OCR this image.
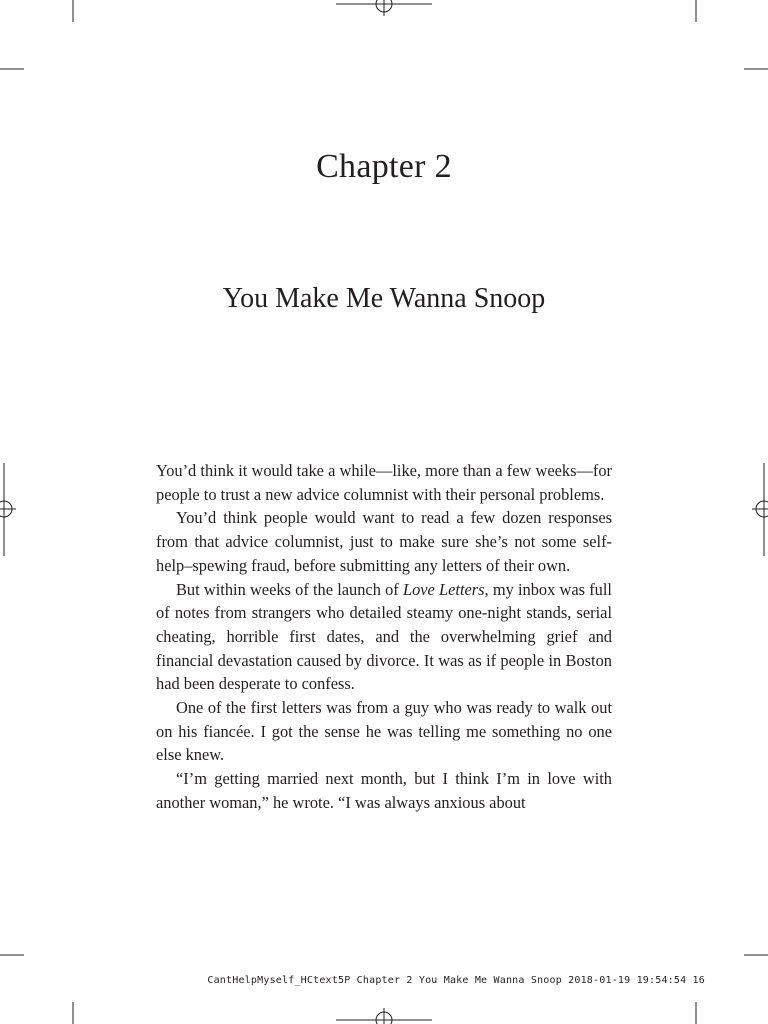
Chapter 2
You Make Me Wanna Snoop

You’d think it would take a while—like, more than a few weeks—for people to trust a new advice columnist with their personal problems.

You’d think people would want to read a few dozen responses from that advice columnist, just to make sure she’s not some self-help–spewing fraud, before submitting any letters of their own.

But within weeks of the launch of Love Letters, my inbox was full of notes from strangers who detailed steamy one-night stands, serial cheating, horrible first dates, and the overwhelming grief and financial devastation caused by divorce. It was as if people in Boston had been desperate to confess.

One of the first letters was from a guy who was ready to walk out on his fiancée. I got the sense he was telling me something no one else knew.

“I’m getting married next month, but I think I’m in love with another woman,” he wrote. “I was always anxious about

CantHelpMyself_HCtext5P Chapter 2 You Make Me Wanna Snoop 2018-01-19 19:54:54 16
